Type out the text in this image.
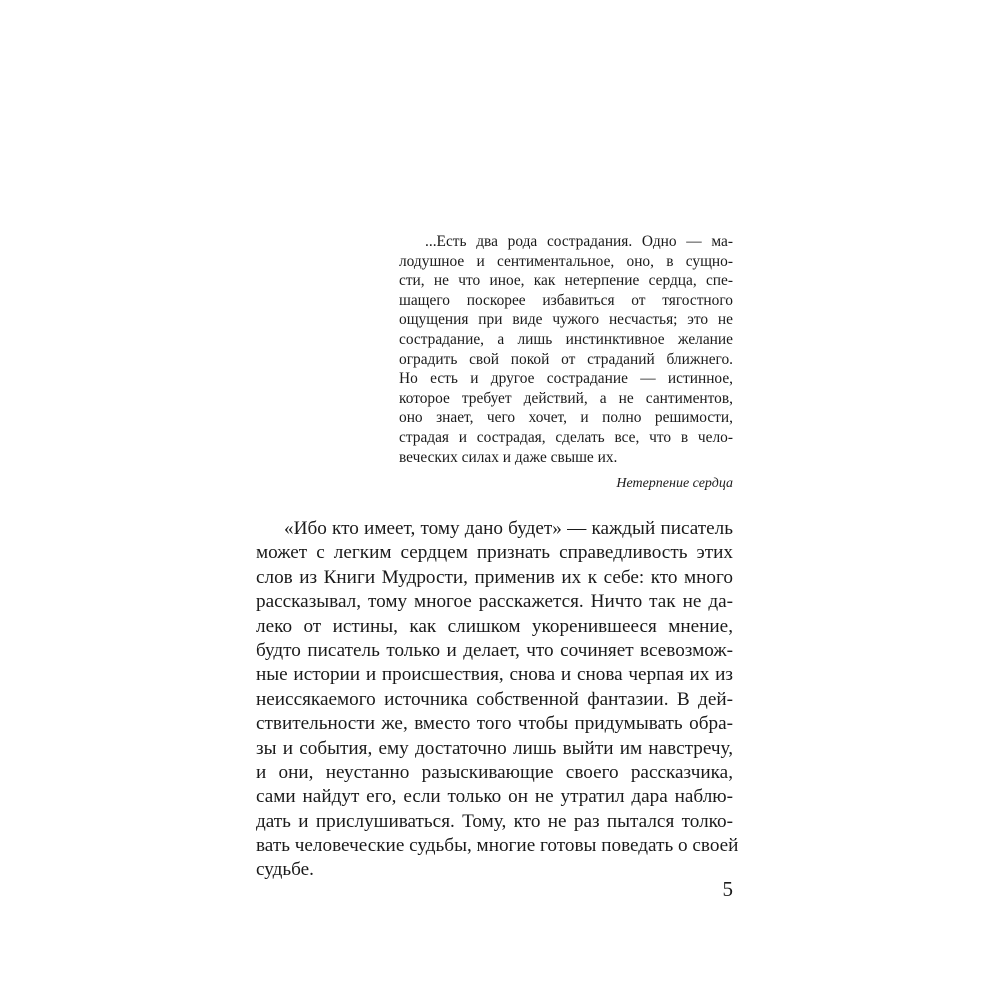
...Есть два рода сострадания. Одно — ма-
лодушное и сентиментальное, оно, в сущно-
сти, не что иное, как нетерпение сердца, спе-
шащего поскорее избавиться от тягостного
ощущения при виде чужого несчастья; это не
сострадание, а лишь инстинктивное желание
оградить свой покой от страданий ближнего.
Но есть и другое сострадание — истинное,
которое требует действий, а не сантиментов,
оно знает, чего хочет, и полно решимости,
страдая и сострадая, сделать все, что в чело-
веческих силах и даже свыше их.
Нетерпение сердца
«Ибо кто имеет, тому дано будет» — каждый писатель
может с легким сердцем признать справедливость этих
слов из Книги Мудрости, применив их к себе: кто много
рассказывал, тому многое расскажется. Ничто так не да-
леко от истины, как слишком укоренившееся мнение,
будто писатель только и делает, что сочиняет всевозмож-
ные истории и происшествия, снова и снова черпая их из
неиссякаемого источника собственной фантазии. В дей-
ствительности же, вместо того чтобы придумывать обра-
зы и события, ему достаточно лишь выйти им навстречу,
и они, неустанно разыскивающие своего рассказчика,
сами найдут его, если только он не утратил дара наблю-
дать и прислушиваться. Тому, кто не раз пытался толко-
вать человеческие судьбы, многие готовы поведать о своей
судьбе.
5
